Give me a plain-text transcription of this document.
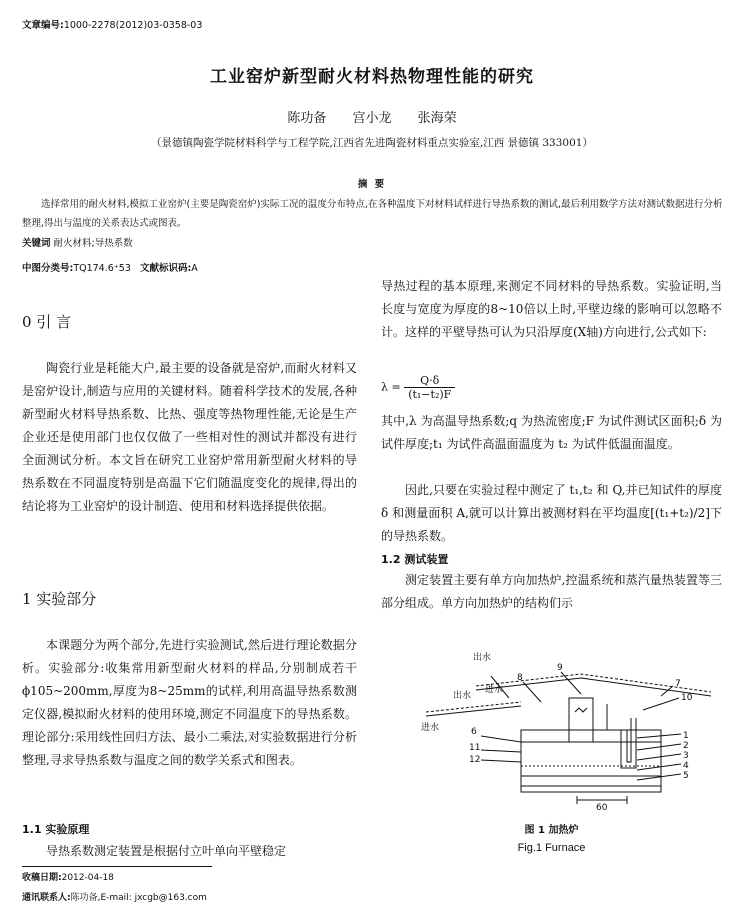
文章编号:1000-2278(2012)03-0358-03
工业窑炉新型耐火材料热物理性能的研究
陈功备 宫小龙 张海荣
（景德镇陶瓷学院材料科学与工程学院,江西省先进陶瓷材料重点实验室,江西 景德镇 333001）
摘 要
选择常用的耐火材料,模拟工业窑炉(主要是陶瓷窑炉)实际工况的温度分布特点,在各种温度下对材料试样进行导热系数的测试,最后利用数学方法对测试数据进行分析整理,得出与温度的关系表达式或图表。
关键词 耐火材料;导热系数
中图分类号:TQ174.6⁺53 文献标识码:A
0 引 言

陶瓷行业是耗能大户,最主要的设备就是窑炉,而耐火材料又是窑炉设计,制造与应用的关键材料。随着科学技术的发展,各种新型耐火材料导热系数、比热、强度等热物理性能,无论是生产企业还是使用部门也仅仅做了一些相对性的测试并都没有进行全面测试分析。本文旨在研究工业窑炉常用新型耐火材料的导热系数在不同温度特别是高温下它们随温度变化的规律,得出的结论将为工业窑炉的设计制造、使用和材料选择提供依据。

1 实验部分

本课题分为两个部分,先进行实验测试,然后进行理论数据分析。实验部分:收集常用新型耐火材料的样品,分别制成若干 ϕ105~200mm,厚度为8~25mm的试样,利用高温导热系数测定仪器,模拟耐火材料的使用环境,测定不同温度下的导热系数。理论部分:采用线性回归方法、最小二乘法,对实验数据进行分析整理,寻求导热系数与温度之间的数学关系式和图表。

1.1 实验原理

导热系数测定装置是根据付立叶单向平壁稳定

导热过程的基本原理,来测定不同材料的导热系数。实验证明,当长度与宽度为厚度的8~10倍以上时,平壁边缘的影响可以忽略不计。这样的平壁导热可认为只沿厚度(X轴)方向进行,公式如下:

$\lambda = \frac{Q\cdot\delta}{\text{(t₁−t₂)F}}$

其中,λ 为高温导热系数;q 为热流密度;F 为试件测试区面积;δ 为试件厚度;t₁ 为试件高温面温度为 t₂ 为试件低温面温度。

因此,只要在实验过程中测定了 t₁,t₂ 和 Q,并已知试件的厚度 δ 和测量面积 A,就可以计算出被测材料在平均温度[(t₁+t₂)/2]下的导热系数。

1.2 测试装置

测定装置主要有单方向加热炉,控温系统和蒸汽量热装置等三部分组成。单方向加热炉的结构们示

出水
出水
进水
进水
60
1
2
3
4
5
6
7
8
9
10
11
12
图 1 加热炉
Fig.1 Furnace
收稿日期:2012-04-18
通讯联系人:陈功备,E-mail: jxcgb@163.com
